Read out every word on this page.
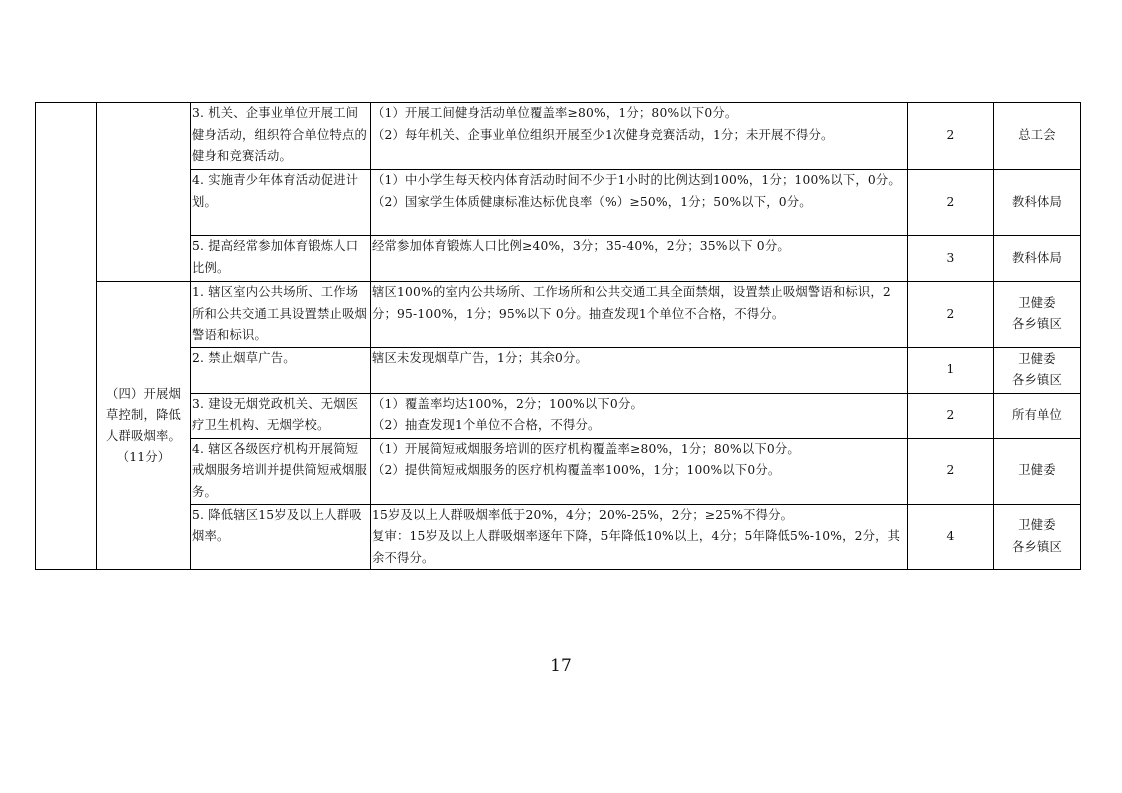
		3. 机关、企事业单位开展工间健身活动，组织符合单位特点的健身和竞赛活动。	（1）开展工间健身活动单位覆盖率≥80%，1分；80%以下0分。
（2）每年机关、企事业单位组织开展至少1次健身竞赛活动，1分；未开展不得分。	2	总工会

		4. 实施青少年体育活动促进计划。	（1）中小学生每天校内体育活动时间不少于1小时的比例达到100%，1分；100%以下，0分。
（2）国家学生体质健康标准达标优良率（%）≥50%，1分；50%以下，0分。	2	教科体局

		5. 提高经常参加体育锻炼人口比例。	经常参加体育锻炼人口比例≥40%，3分；35-40%，2分；35%以下 0分。	3	教科体局

	（四）开展烟草控制，降低人群吸烟率。（11分）	1. 辖区室内公共场所、工作场所和公共交通工具设置禁止吸烟警语和标识。	辖区100%的室内公共场所、工作场所和公共交通工具全面禁烟，设置禁止吸烟警语和标识，2分；95-100%，1分；95%以下 0分。抽查发现1个单位不合格，不得分。	2	卫健委
各乡镇区

		2. 禁止烟草广告。	辖区未发现烟草广告，1分；其余0分。	1	卫健委
各乡镇区

		3. 建设无烟党政机关、无烟医疗卫生机构、无烟学校。	（1）覆盖率均达100%，2分；100%以下0分。
（2）抽查发现1个单位不合格，不得分。	2	所有单位

		4. 辖区各级医疗机构开展简短戒烟服务培训并提供简短戒烟服务。	（1）开展简短戒烟服务培训的医疗机构覆盖率≥80%，1分；80%以下0分。
（2）提供简短戒烟服务的医疗机构覆盖率100%，1分；100%以下0分。	2	卫健委

		5. 降低辖区15岁及以上人群吸烟率。	15岁及以上人群吸烟率低于20%，4分；20%-25%，2分；≥25%不得分。
复审：15岁及以上人群吸烟率逐年下降，5年降低10%以上，4分；5年降低5%-10%，2分，其余不得分。	4	卫健委
各乡镇区
17
